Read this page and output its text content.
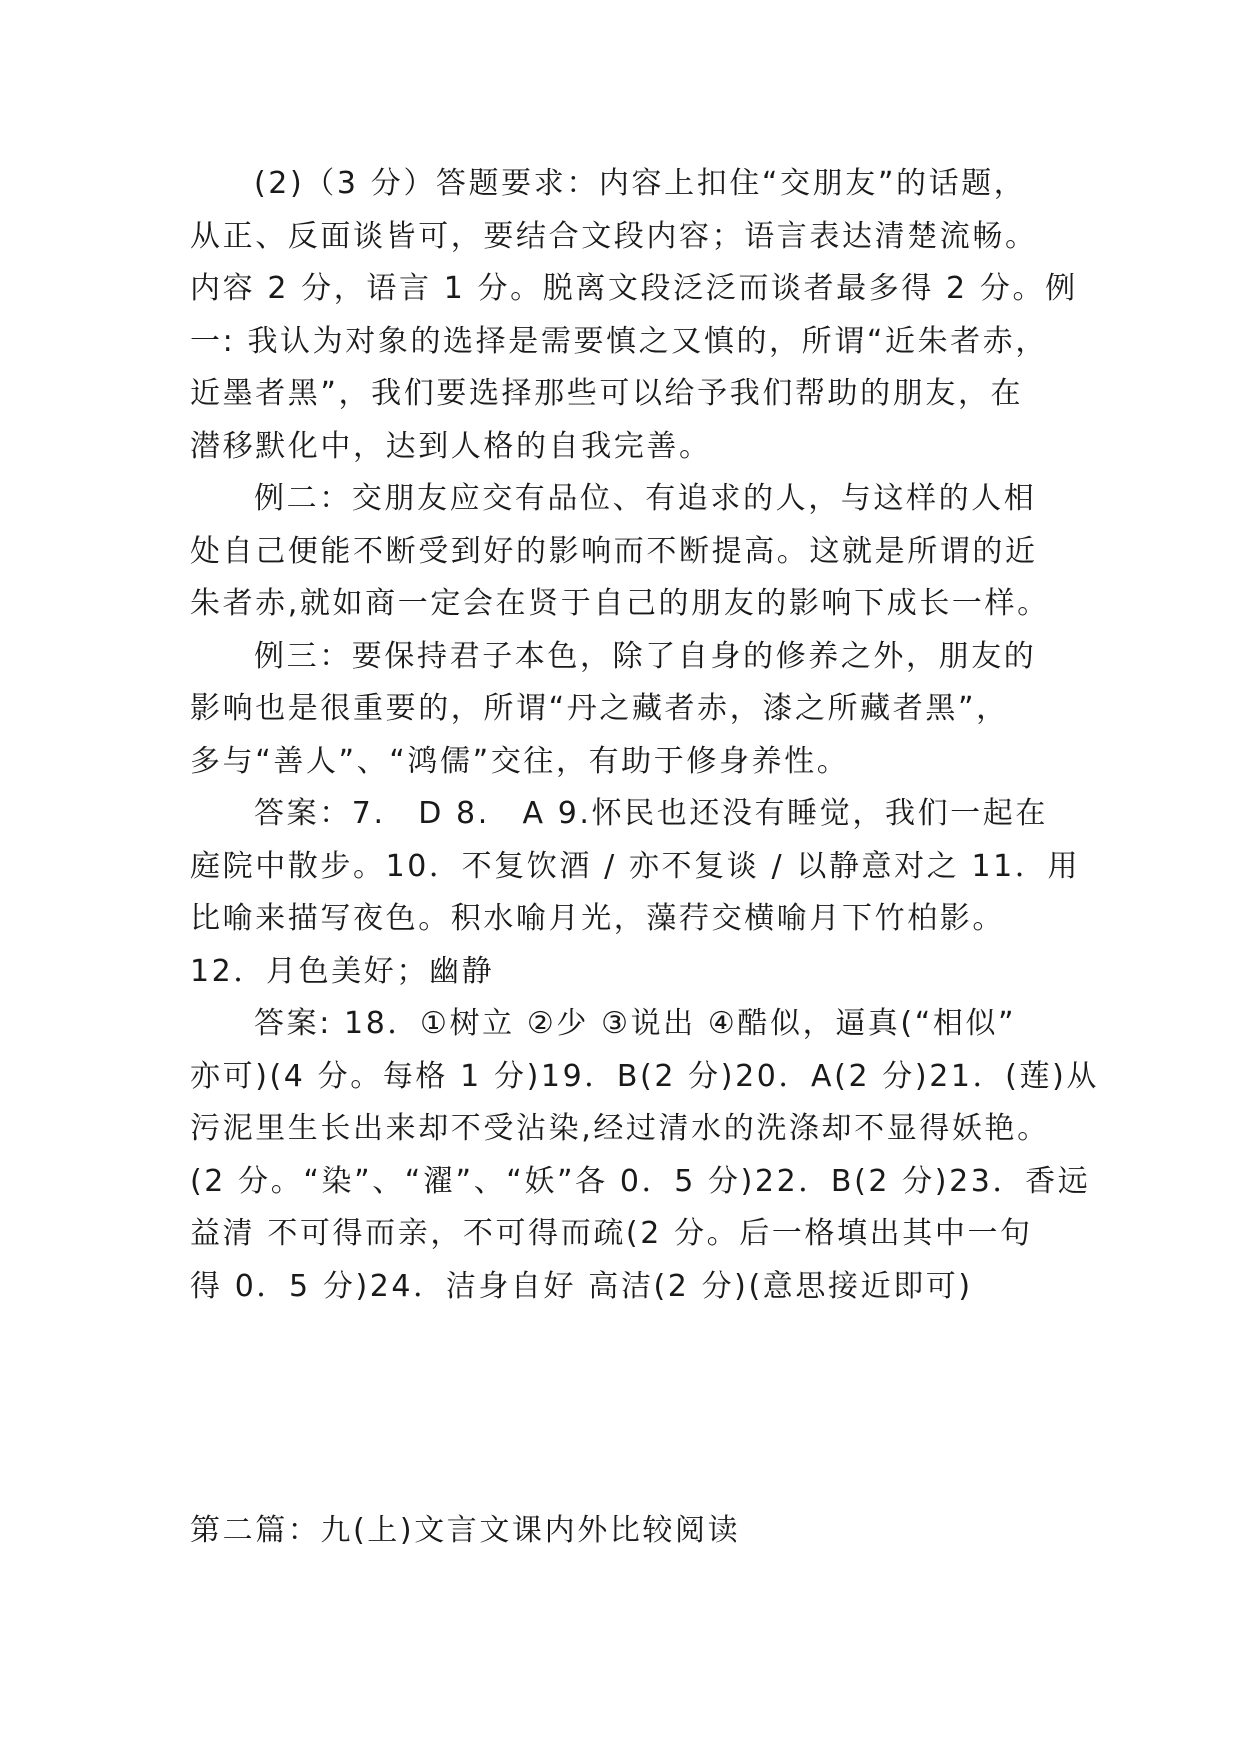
(2)（3 分）答题要求：内容上扣住“交朋友”的话题，
从正、反面谈皆可，要结合文段内容；语言表达清楚流畅。
内容 2 分，语言 1 分。脱离文段泛泛而谈者最多得 2 分。例
一: 我认为对象的选择是需要慎之又慎的，所谓“近朱者赤，
近墨者黑”，我们要选择那些可以给予我们帮助的朋友，在
潜移默化中，达到人格的自我完善。

例二：交朋友应交有品位、有追求的人，与这样的人相
处自己便能不断受到好的影响而不断提高。这就是所谓的近
朱者赤,就如商一定会在贤于自己的朋友的影响下成长一样。

例三：要保持君子本色，除了自身的修养之外，朋友的
影响也是很重要的，所谓“丹之藏者赤，漆之所藏者黑”，
多与“善人”、“鸿儒”交往，有助于修身养性。

答案：7.　D 8.　A 9.怀民也还没有睡觉，我们一起在
庭院中散步。10．不复饮酒 / 亦不复谈 / 以静意对之 11．用
比喻来描写夜色。积水喻月光，藻荇交横喻月下竹柏影。
12．月色美好；幽静

答案: 18．①树立 ②少 ③说出 ④酷似，逼真(“相似”
亦可)(4 分。每格 1 分)19．B(2 分)20．A(2 分)21．(莲)从
污泥里生长出来却不受沾染,经过清水的洗涤却不显得妖艳。
(2 分。“染”、“濯”、“妖”各 0．5 分)22．B(2 分)23．香远
益清 不可得而亲，不可得而疏(2 分。后一格填出其中一句
得 0．5 分)24．洁身自好 高洁(2 分)(意思接近即可)

第二篇：九(上)文言文课内外比较阅读
